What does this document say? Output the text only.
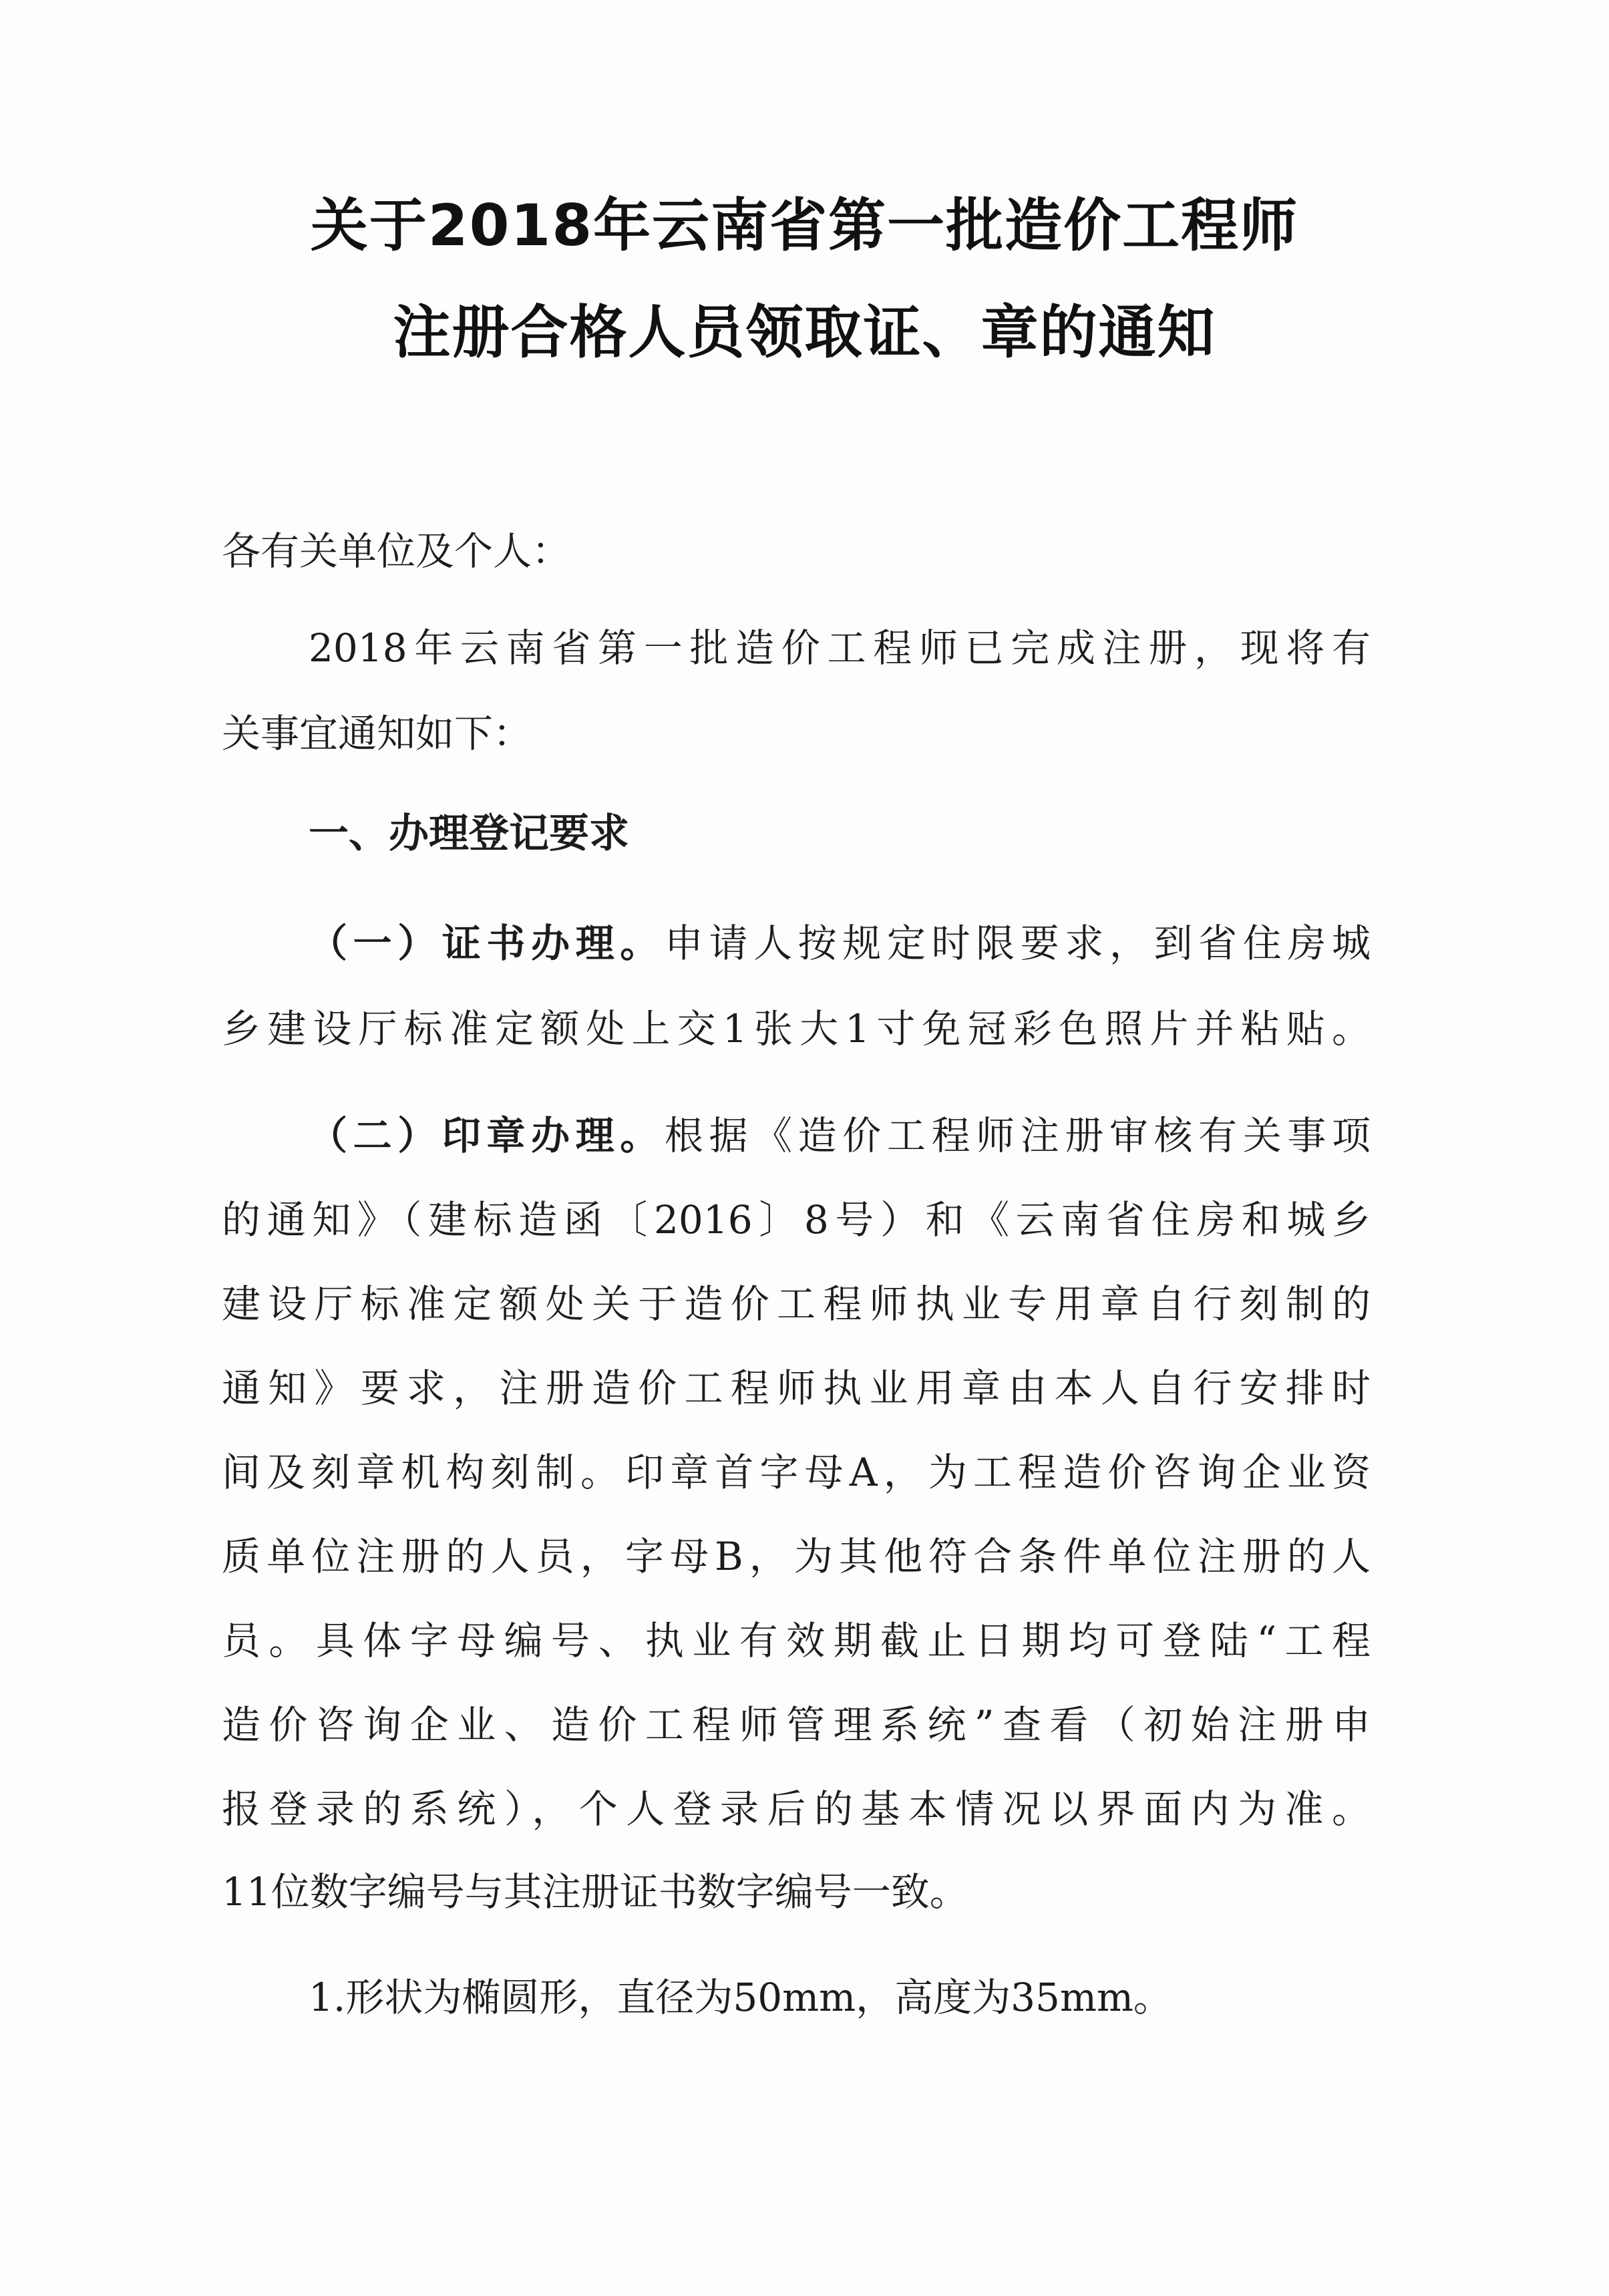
关于2018年云南省第一批造价工程师
注册合格人员领取证、章的通知
各有关单位及个人：
2018年云南省第一批造价工程师已完成注册，现将有
关事宜通知如下：
一、办理登记要求
（一）证书办理。申请人按规定时限要求，到省住房城
乡建设厅标准定额处上交1张大1寸免冠彩色照片并粘贴。
（二）印章办理。根据《造价工程师注册审核有关事项
的通知》（建标造函〔2016〕8号）和《云南省住房和城乡
建设厅标准定额处关于造价工程师执业专用章自行刻制的
通知》要求，注册造价工程师执业用章由本人自行安排时
间及刻章机构刻制。印章首字母A，为工程造价咨询企业资
质单位注册的人员，字母B，为其他符合条件单位注册的人
员。具体字母编号、执业有效期截止日期均可登陆“工程
造价咨询企业、造价工程师管理系统”查看（初始注册申
报登录的系统），个人登录后的基本情况以界面内为准。
11位数字编号与其注册证书数字编号一致。
1.形状为椭圆形，直径为50mm，高度为35mm。
